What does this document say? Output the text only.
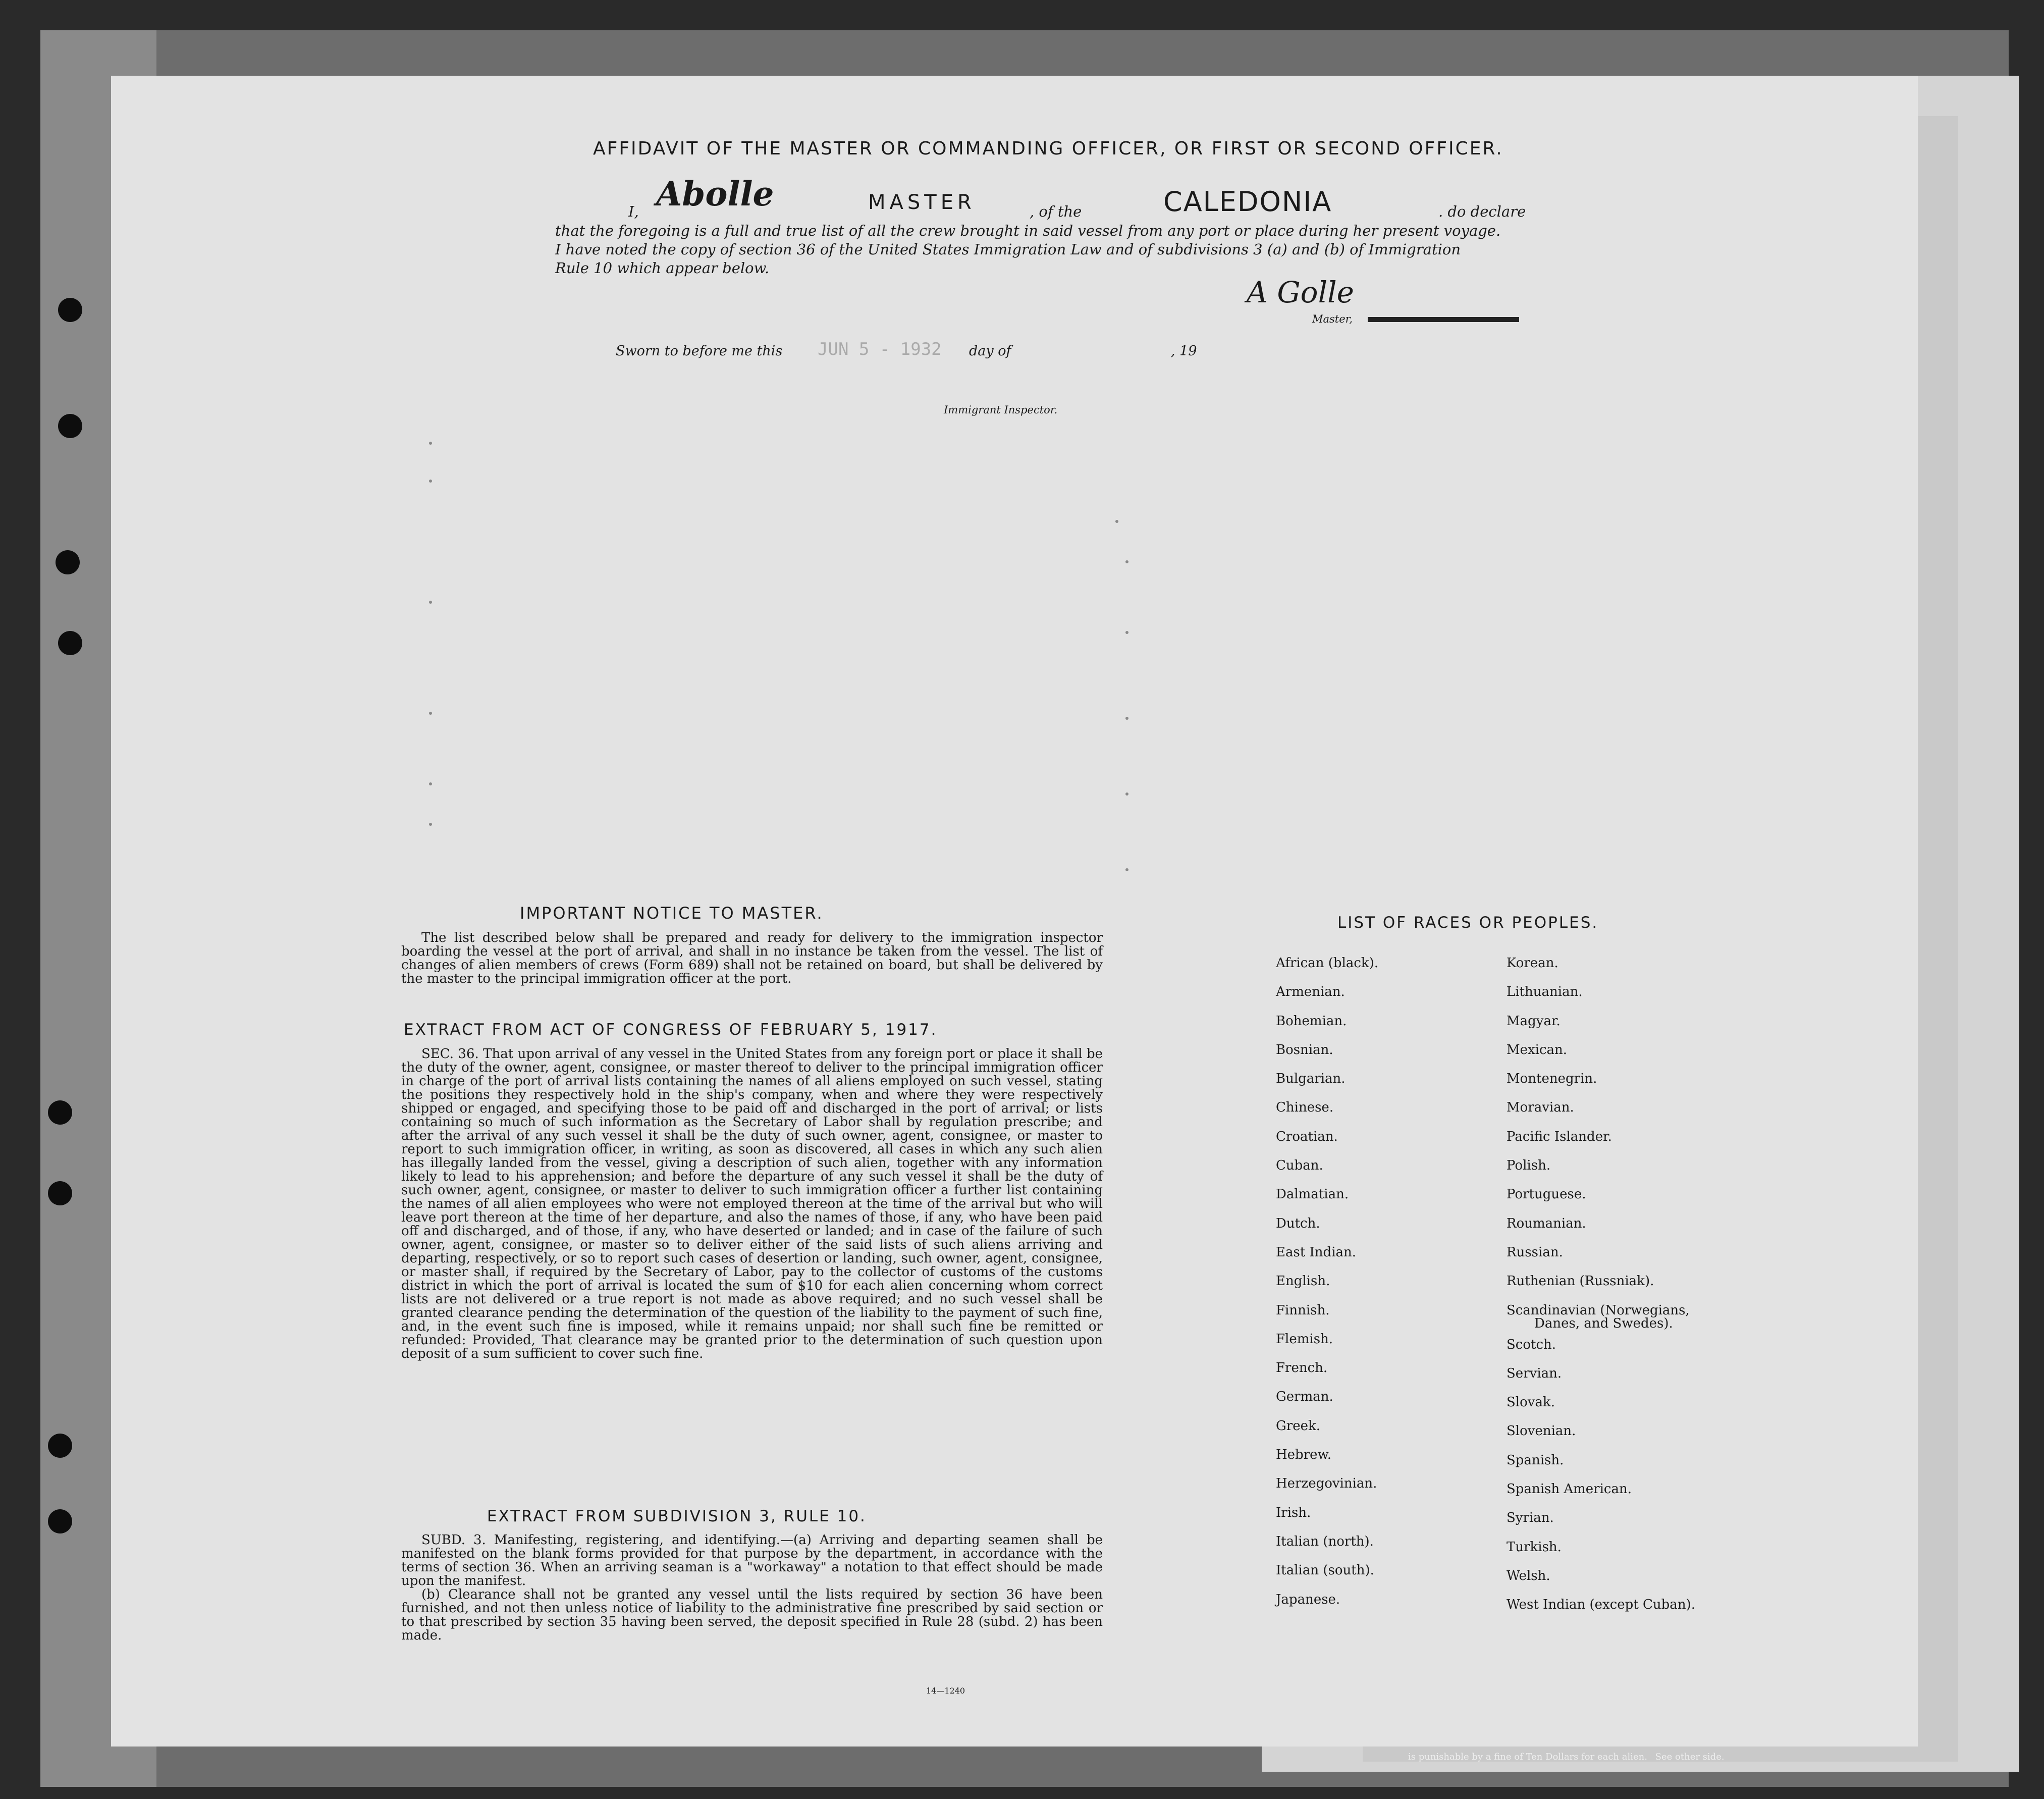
AFFIDAVIT OF THE MASTER OR COMMANDING OFFICER, OR FIRST OR SECOND OFFICER.
I, Abolle	MASTER	, of the	CALEDONIA	. do declare
that the foregoing is a full and true list of all the crew brought in said vessel from any port or place during her present voyage.
I have noted the copy of section 36 of the United States Immigration Law and of subdivisions 3 (a) and (b) of Immigration
Rule 10 which appear below.
A Golle
Master,
Sworn to before me this JUN 5 - 1932 day of	, 19
Immigrant Inspector.
IMPORTANT NOTICE TO MASTER.

The list described below shall be prepared and ready for delivery to the immigration inspector boarding the vessel at the port of arrival, and shall in no instance be taken from the vessel. The list of changes of alien members of crews (Form 689) shall not be retained on board, but shall be delivered by the master to the principal immigration officer at the port.

EXTRACT FROM ACT OF CONGRESS OF FEBRUARY 5, 1917.

SEC. 36. That upon arrival of any vessel in the United States from any foreign port or place it shall be the duty of the owner, agent, consignee, or master thereof to deliver to the principal immigration officer in charge of the port of arrival lists containing the names of all aliens employed on such vessel, stating the positions they respectively hold in the ship's company, when and where they were respectively shipped or engaged, and specifying those to be paid off and discharged in the port of arrival; or lists containing so much of such information as the Secretary of Labor shall by regulation prescribe; and after the arrival of any such vessel it shall be the duty of such owner, agent, consignee, or master to report to such immigration officer, in writing, as soon as discovered, all cases in which any such alien has illegally landed from the vessel, giving a description of such alien, together with any information likely to lead to his apprehension; and before the departure of any such vessel it shall be the duty of such owner, agent, consignee, or master to deliver to such immigration officer a further list containing the names of all alien employees who were not employed thereon at the time of the arrival but who will leave port thereon at the time of her departure, and also the names of those, if any, who have been paid off and discharged, and of those, if any, who have deserted or landed; and in case of the failure of such owner, agent, consignee, or master so to deliver either of the said lists of such aliens arriving and departing, respectively, or so to report such cases of desertion or landing, such owner, agent, consignee, or master shall, if required by the Secretary of Labor, pay to the collector of customs of the customs district in which the port of arrival is located the sum of $10 for each alien concerning whom correct lists are not delivered or a true report is not made as above required; and no such vessel shall be granted clearance pending the determination of the question of the liability to the payment of such fine, and, in the event such fine is imposed, while it remains unpaid; nor shall such fine be remitted or refunded: Provided, That clearance may be granted prior to the determination of such question upon deposit of a sum sufficient to cover such fine.

EXTRACT FROM SUBDIVISION 3, RULE 10.

SUBD. 3. Manifesting, registering, and identifying.—(a) Arriving and departing seamen shall be manifested on the blank forms provided for that purpose by the department, in accordance with the terms of section 36. When an arriving seaman is a "workaway" a notation to that effect should be made upon the manifest.

(b) Clearance shall not be granted any vessel until the lists required by section 36 have been furnished, and not then unless notice of liability to the administrative fine prescribed by said section or to that prescribed by section 35 having been served, the deposit specified in Rule 28 (subd. 2) has been made.

14—1240
LIST OF RACES OR PEOPLES.
African (black).
Armenian.
Bohemian.
Bosnian.
Bulgarian.
Chinese.
Croatian.
Cuban.
Dalmatian.
Dutch.
East Indian.
English.
Finnish.
Flemish.
French.
German.
Greek.
Hebrew.
Herzegovinian.
Irish.
Italian (north).
Italian (south).
Japanese.
Korean.
Lithuanian.
Magyar.
Mexican.
Montenegrin.
Moravian.
Pacific Islander.
Polish.
Portuguese.
Roumanian.
Russian.
Ruthenian (Russniak).
Scandinavian (Norwegians,
Danes, and Swedes).
Scotch.
Servian.
Slovak.
Slovenian.
Spanish.
Spanish American.
Syrian.
Turkish.
Welsh.
West Indian (except Cuban).
is punishable by a fine of Ten Dollars for each alien. See other side.
